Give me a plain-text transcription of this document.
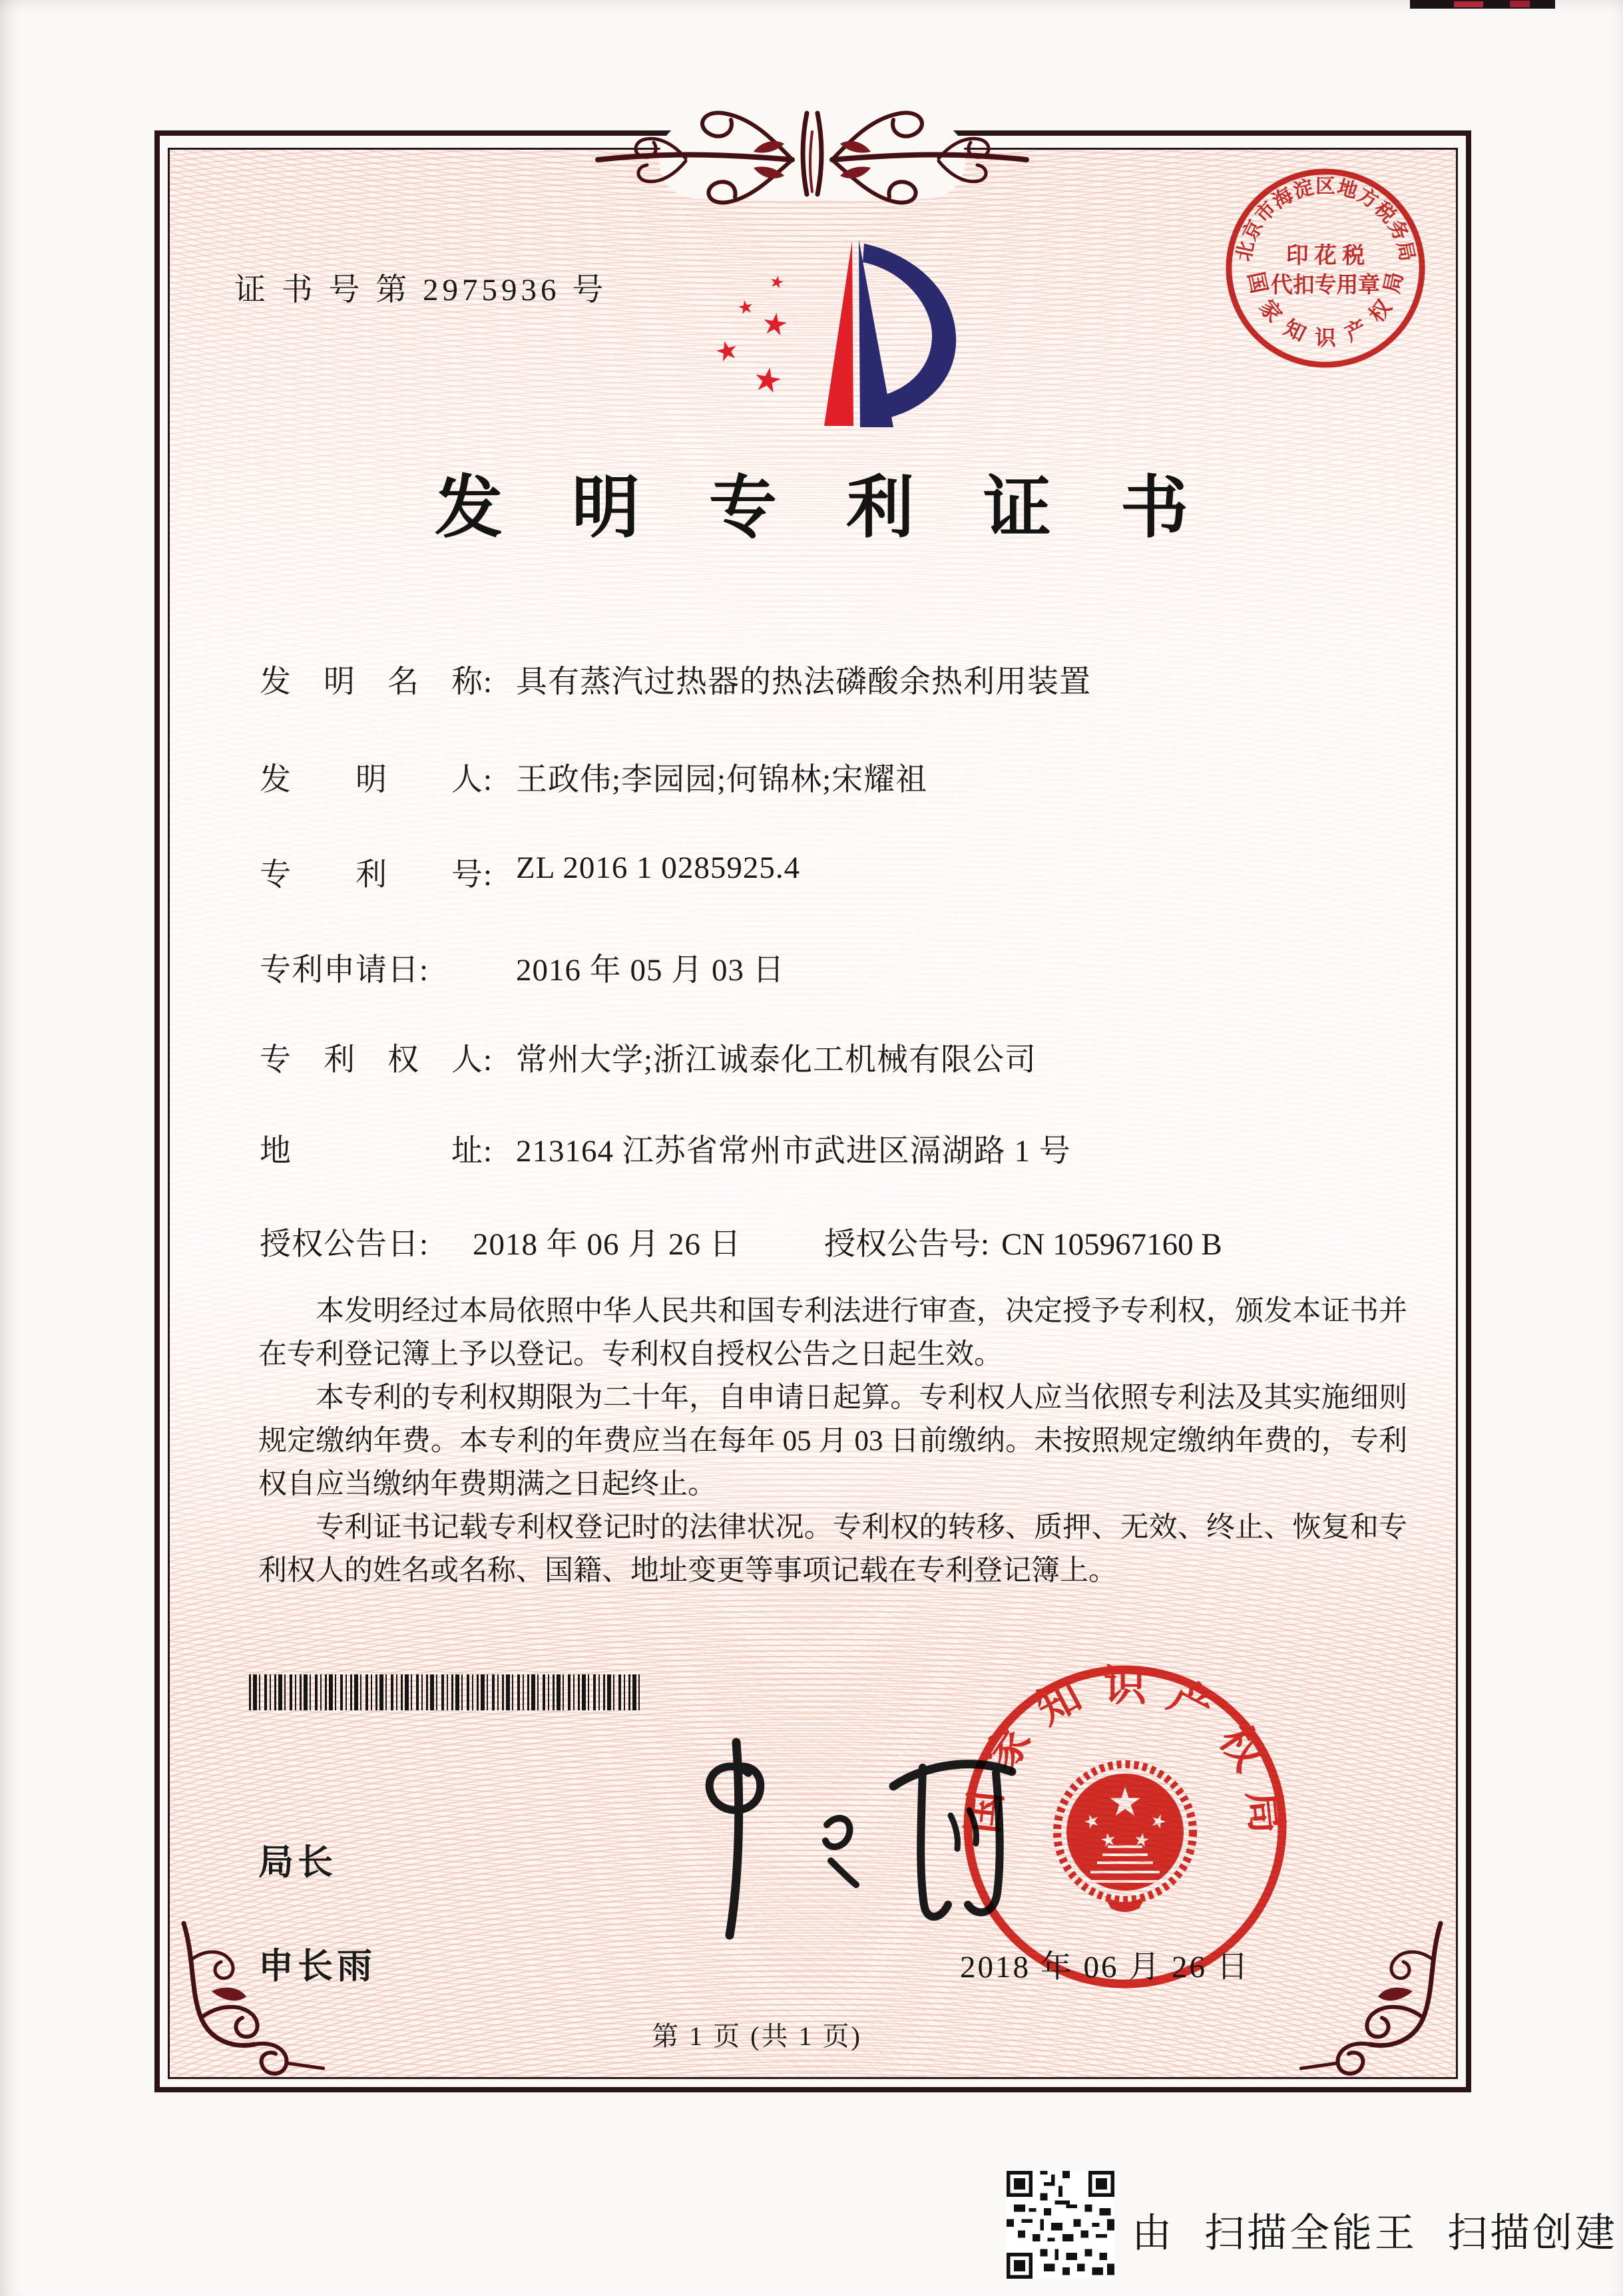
证 书 号 第 2975936 号
北
京
市
海
淀 区 地
方
税
务
局
印 花 税
代扣专用章
国
家
知 识 产
权
局
发明专利证书
发　明　名　称: 具有蒸汽过热器的热法磷酸余热利用装置
发　　明　　人: 王政伟;李园园;何锦林;宋耀祖
专　　利　　号: ZL 2016 1 0285925.4
专利申请日:	2016 年 05 月 03 日
专　利　权　人: 常州大学;浙江诚泰化工机械有限公司
地　　　　　址: 213164 江苏省常州市武进区滆湖路 1 号
授权公告日: 2018 年 06 月 26 日	授权公告号: CN 105967160 B

本发明经过本局依照中华人民共和国专利法进行审查，决定授予专利权，颁发本证书并在专利登记簿上予以登记。专利权自授权公告之日起生效。

本专利的专利权期限为二十年，自申请日起算。专利权人应当依照专利法及其实施细则规定缴纳年费。本专利的年费应当在每年 05 月 03 日前缴纳。未按照规定缴纳年费的，专利权自应当缴纳年费期满之日起终止。

专利证书记载专利权登记时的法律状况。专利权的转移、质押、无效、终止、恢复和专利权人的姓名或名称、国籍、地址变更等事项记载在专利登记簿上。

局长
申长雨
国
家
知 识 产
权
局
2018 年 06 月 26 日
第 1 页 (共 1 页)
由 扫描全能王 扫描创建
